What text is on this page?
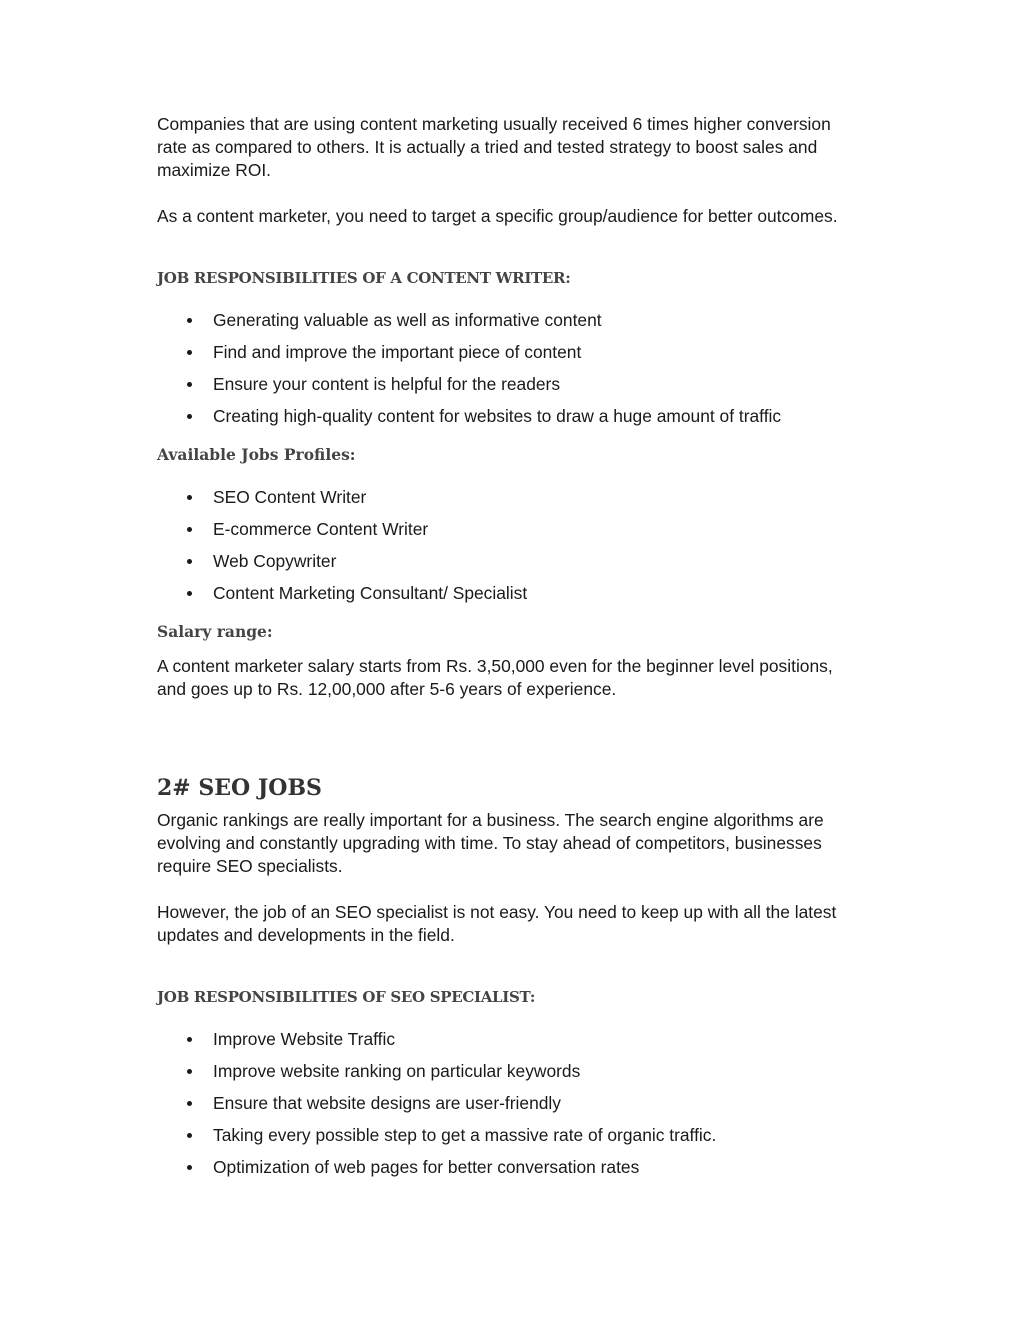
Companies that are using content marketing usually received 6 times higher conversion rate as compared to others. It is actually a tried and tested strategy to boost sales and maximize ROI.

As a content marketer, you need to target a specific group/audience for better outcomes.

JOB RESPONSIBILITIES OF A CONTENT WRITER:
Generating valuable as well as informative content
Find and improve the important piece of content
Ensure your content is helpful for the readers
Creating high-quality content for websites to draw a huge amount of traffic
Available Jobs Profiles:
SEO Content Writer
E-commerce Content Writer
Web Copywriter
Content Marketing Consultant/ Specialist
Salary range:

A content marketer salary starts from Rs. 3,50,000 even for the beginner level positions, and goes up to Rs. 12,00,000 after 5-6 years of experience.

2# SEO JOBS

Organic rankings are really important for a business. The search engine algorithms are evolving and constantly upgrading with time. To stay ahead of competitors, businesses require SEO specialists.

However, the job of an SEO specialist is not easy. You need to keep up with all the latest updates and developments in the field.

JOB RESPONSIBILITIES OF SEO SPECIALIST:
Improve Website Traffic
Improve website ranking on particular keywords
Ensure that website designs are user-friendly
Taking every possible step to get a massive rate of organic traffic.
Optimization of web pages for better conversation rates
